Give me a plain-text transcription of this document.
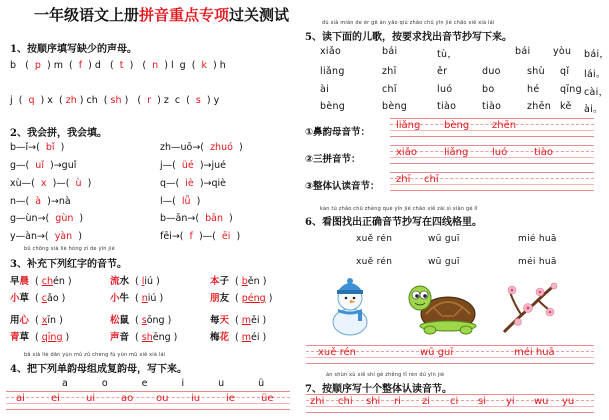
一年级语文上册拼音重点专项过关测试
1、按顺序填写缺少的声母。
b ( p ) m ( f ) d ( t ) ( n ) l g ( k ) h
j ( q ) x ( zh ) ch ( sh ) ( r ) z c ( s ) y
2、我会拼，我会填。
b—ǐ→( bǐ )
g—( uǐ )→guǐ
xù—( x )—( ù )
n—( à )→nà
g—ùn→( gùn )
y—àn→( yàn )
zh—uō→( zhuó )
j—( üé )→jué
q—( iè )→qiè
l—( lǚ )
b—ān→( bān )
fēi→( f )—( ēi )
bǔ chōng xià liè hóng zì de yīn jié
3、补充下列红字的音节。
早晨 ( chén )	流水 ( liú )	本子 ( běn )
小草 ( cǎo )	小牛 ( niú )	朋友 ( péng )
用心 ( xīn )	松鼠 ( sōng )	每天 ( měi )
青草 ( qīng )	声音 ( shēng )	梅花 ( méi )
bǎ xià liè dān yùn mǔ zǔ chéng fù yùn mǔ xiě xià lái
4、把下列单韵母组成复韵母，写下来。
a	o	e	i	u	ü
ai	ei	ui	ao ou iu	ie	üe
dú xià miàn de ér gē àn yāo qiú zhǎo chū yīn jié chāo xiě xià lái
5、读下面的儿歌，按要求找出音节抄写下来。
xiǎo	bái	tù，	bái yòu bái，
liǎng	zhī	ěr	duo	shù qǐ lái。
ài	chī	luó	bo	hé qīng cài，
bèng	bèng	tiào	tiào	zhēn kě ài。
①鼻韵母音节：
②三拼音节：
③整体认读音节：
liǎng bèng zhēn
xiǎo	liǎng luó	tiào
zhī chī
kàn tú zhǎo chū zhèng què yīn jié chāo xiě zài sì xiàn gé lǐ
6、看图找出正确音节抄写在四线格里。
xuě rén	wū guī	mié huā
xuě rén	wū guī	méi huā
xuě rén	wū guī	méi huā
àn shùn xù xiě shí gè zhěng tǐ rèn dú yīn jié
7、按顺序写十个整体认读音节。
zhi chi shi ri zi ci si yi wu yu
